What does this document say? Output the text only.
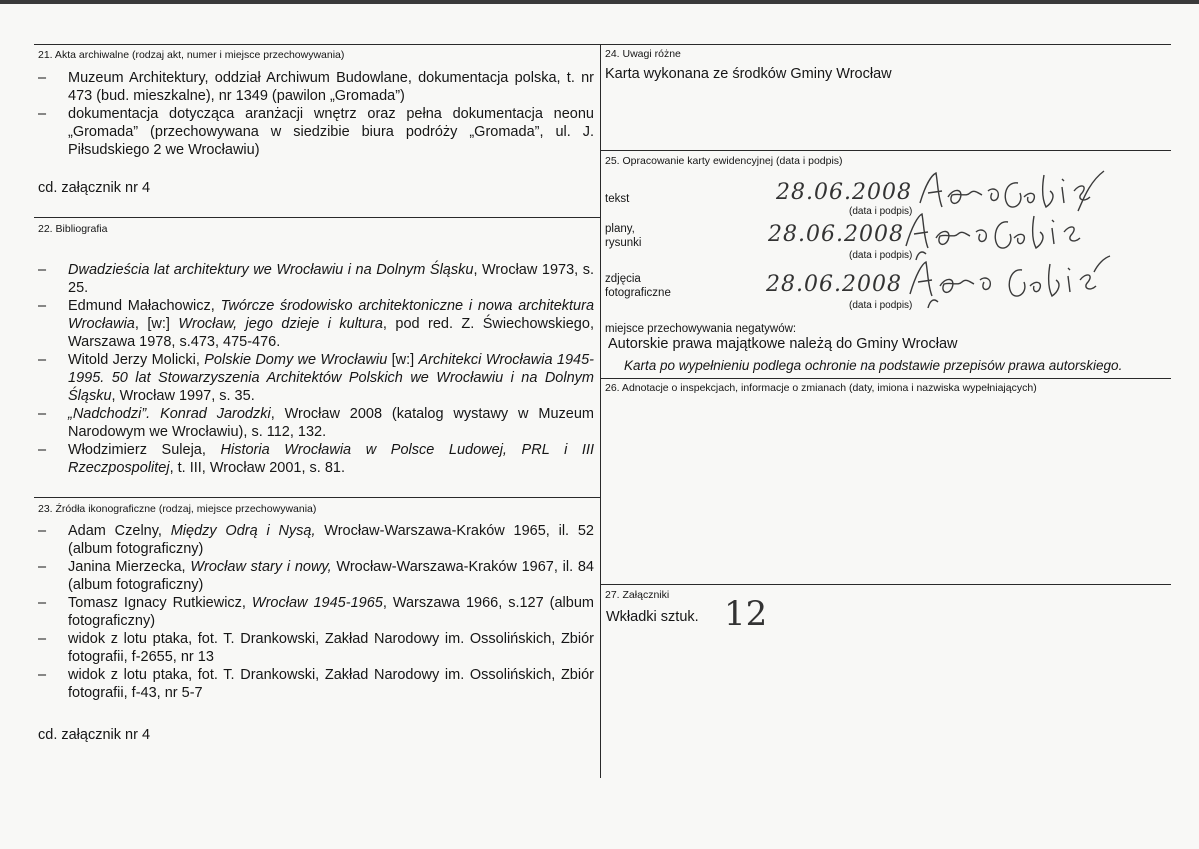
21. Akta archiwalne (rodzaj akt, numer i miejsce przechowywania)
– Muzeum Architektury, oddział Archiwum Budowlane, dokumentacja polska, t. nr 473 (bud. mieszkalne), nr 1349 (pawilon „Gromada”)
– dokumentacja dotycząca aranżacji wnętrz oraz pełna dokumentacja neonu „Gromada” (przechowywana w siedzibie biura podróży „Gromada”, ul. J. Piłsudskiego 2 we Wrocławiu)
cd. załącznik nr 4
22. Bibliografia
– Dwadzieścia lat architektury we Wrocławiu i na Dolnym Śląsku, Wrocław 1973, s. 25.
– Edmund Małachowicz, Twórcze środowisko architektoniczne i nowa architektura Wrocławia, [w:] Wrocław, jego dzieje i kultura, pod red. Z. Świechowskiego, Warszawa 1978, s.473, 475-476.
– Witold Jerzy Molicki, Polskie Domy we Wrocławiu [w:] Architekci Wrocławia 1945-1995. 50 lat Stowarzyszenia Architektów Polskich we Wrocławiu i na Dolnym Śląsku, Wrocław 1997, s. 35.
– „Nadchodzi”. Konrad Jarodzki, Wrocław 2008 (katalog wystawy w Muzeum Narodowym we Wrocławiu), s. 112, 132.
– Włodzimierz Suleja, Historia Wrocławia w Polsce Ludowej, PRL i III Rzeczpospolitej, t. III, Wrocław 2001, s. 81.
23. Źródła ikonograficzne (rodzaj, miejsce przechowywania)
– Adam Czelny, Między Odrą i Nysą, Wrocław-Warszawa-Kraków 1965, il. 52 (album fotograficzny)
– Janina Mierzecka, Wrocław stary i nowy, Wrocław-Warszawa-Kraków 1967, il. 84 (album fotograficzny)
– Tomasz Ignacy Rutkiewicz, Wrocław 1945-1965, Warszawa 1966, s.127 (album fotograficzny)
– widok z lotu ptaka, fot. T. Drankowski, Zakład Narodowy im. Ossolińskich, Zbiór fotografii, f-2655, nr 13
– widok z lotu ptaka, fot. T. Drankowski, Zakład Narodowy im. Ossolińskich, Zbiór fotografii, f-43, nr 5-7
cd. załącznik nr 4
24. Uwagi różne
Karta wykonana ze środków Gminy Wrocław
25. Opracowanie karty ewidencyjnej (data i podpis)
tekst	28.06.2008
(data i podpis)
plany,
rysunki	28.06.2008
(data i podpis)
zdjęcia
fotograficzne	28.06.2008
(data i podpis)
miejsce przechowywania negatywów:
Autorskie prawa majątkowe należą do Gminy Wrocław
Karta po wypełnieniu podlega ochronie na podstawie przepisów prawa autorskiego.
26. Adnotacje o inspekcjach, informacje o zmianach (daty, imiona i nazwiska wypełniających)
27. Załączniki
Wkładki sztuk. 12
